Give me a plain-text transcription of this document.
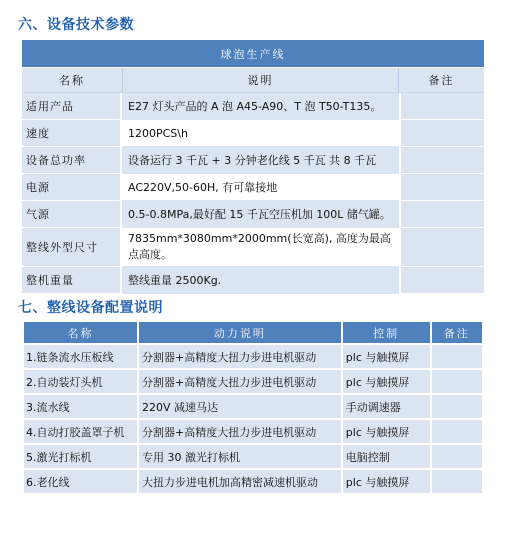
六、设备技术参数
球泡生产线		
名称	说明	备注
适用产品	E27 灯头产品的 A 泡 A45-A90、T 泡 T50-T135。	
速度	1200PCS\h	
设备总功率	设备运行 3 千瓦 + 3 分钟老化线 5 千瓦 共 8 千瓦	
电源	AC220V,50-60H, 有可靠接地	
气源	0.5-0.8MPa,最好配 15 千瓦空压机加 100L 储气罐。	
整线外型尺寸	7835mm*3080mm*2000mm(长宽高), 高度为最高点高度。	
整机重量	整线重量 2500Kg.	
七、整线设备配置说明
名称	动力说明	控制	备注
1.链条流水压板线	分割器+高精度大扭力步进电机驱动	plc 与触摸屏	
2.自动装灯头机	分割器+高精度大扭力步进电机驱动	plc 与触摸屏	
3.流水线	220V 减速马达	手动调速器	
4.自动打胶盖罩子机	分割器+高精度大扭力步进电机驱动	plc 与触摸屏	
5.激光打标机	专用 30 激光打标机	电脑控制	
6.老化线	大扭力步进电机加高精密减速机驱动	plc 与触摸屏	
